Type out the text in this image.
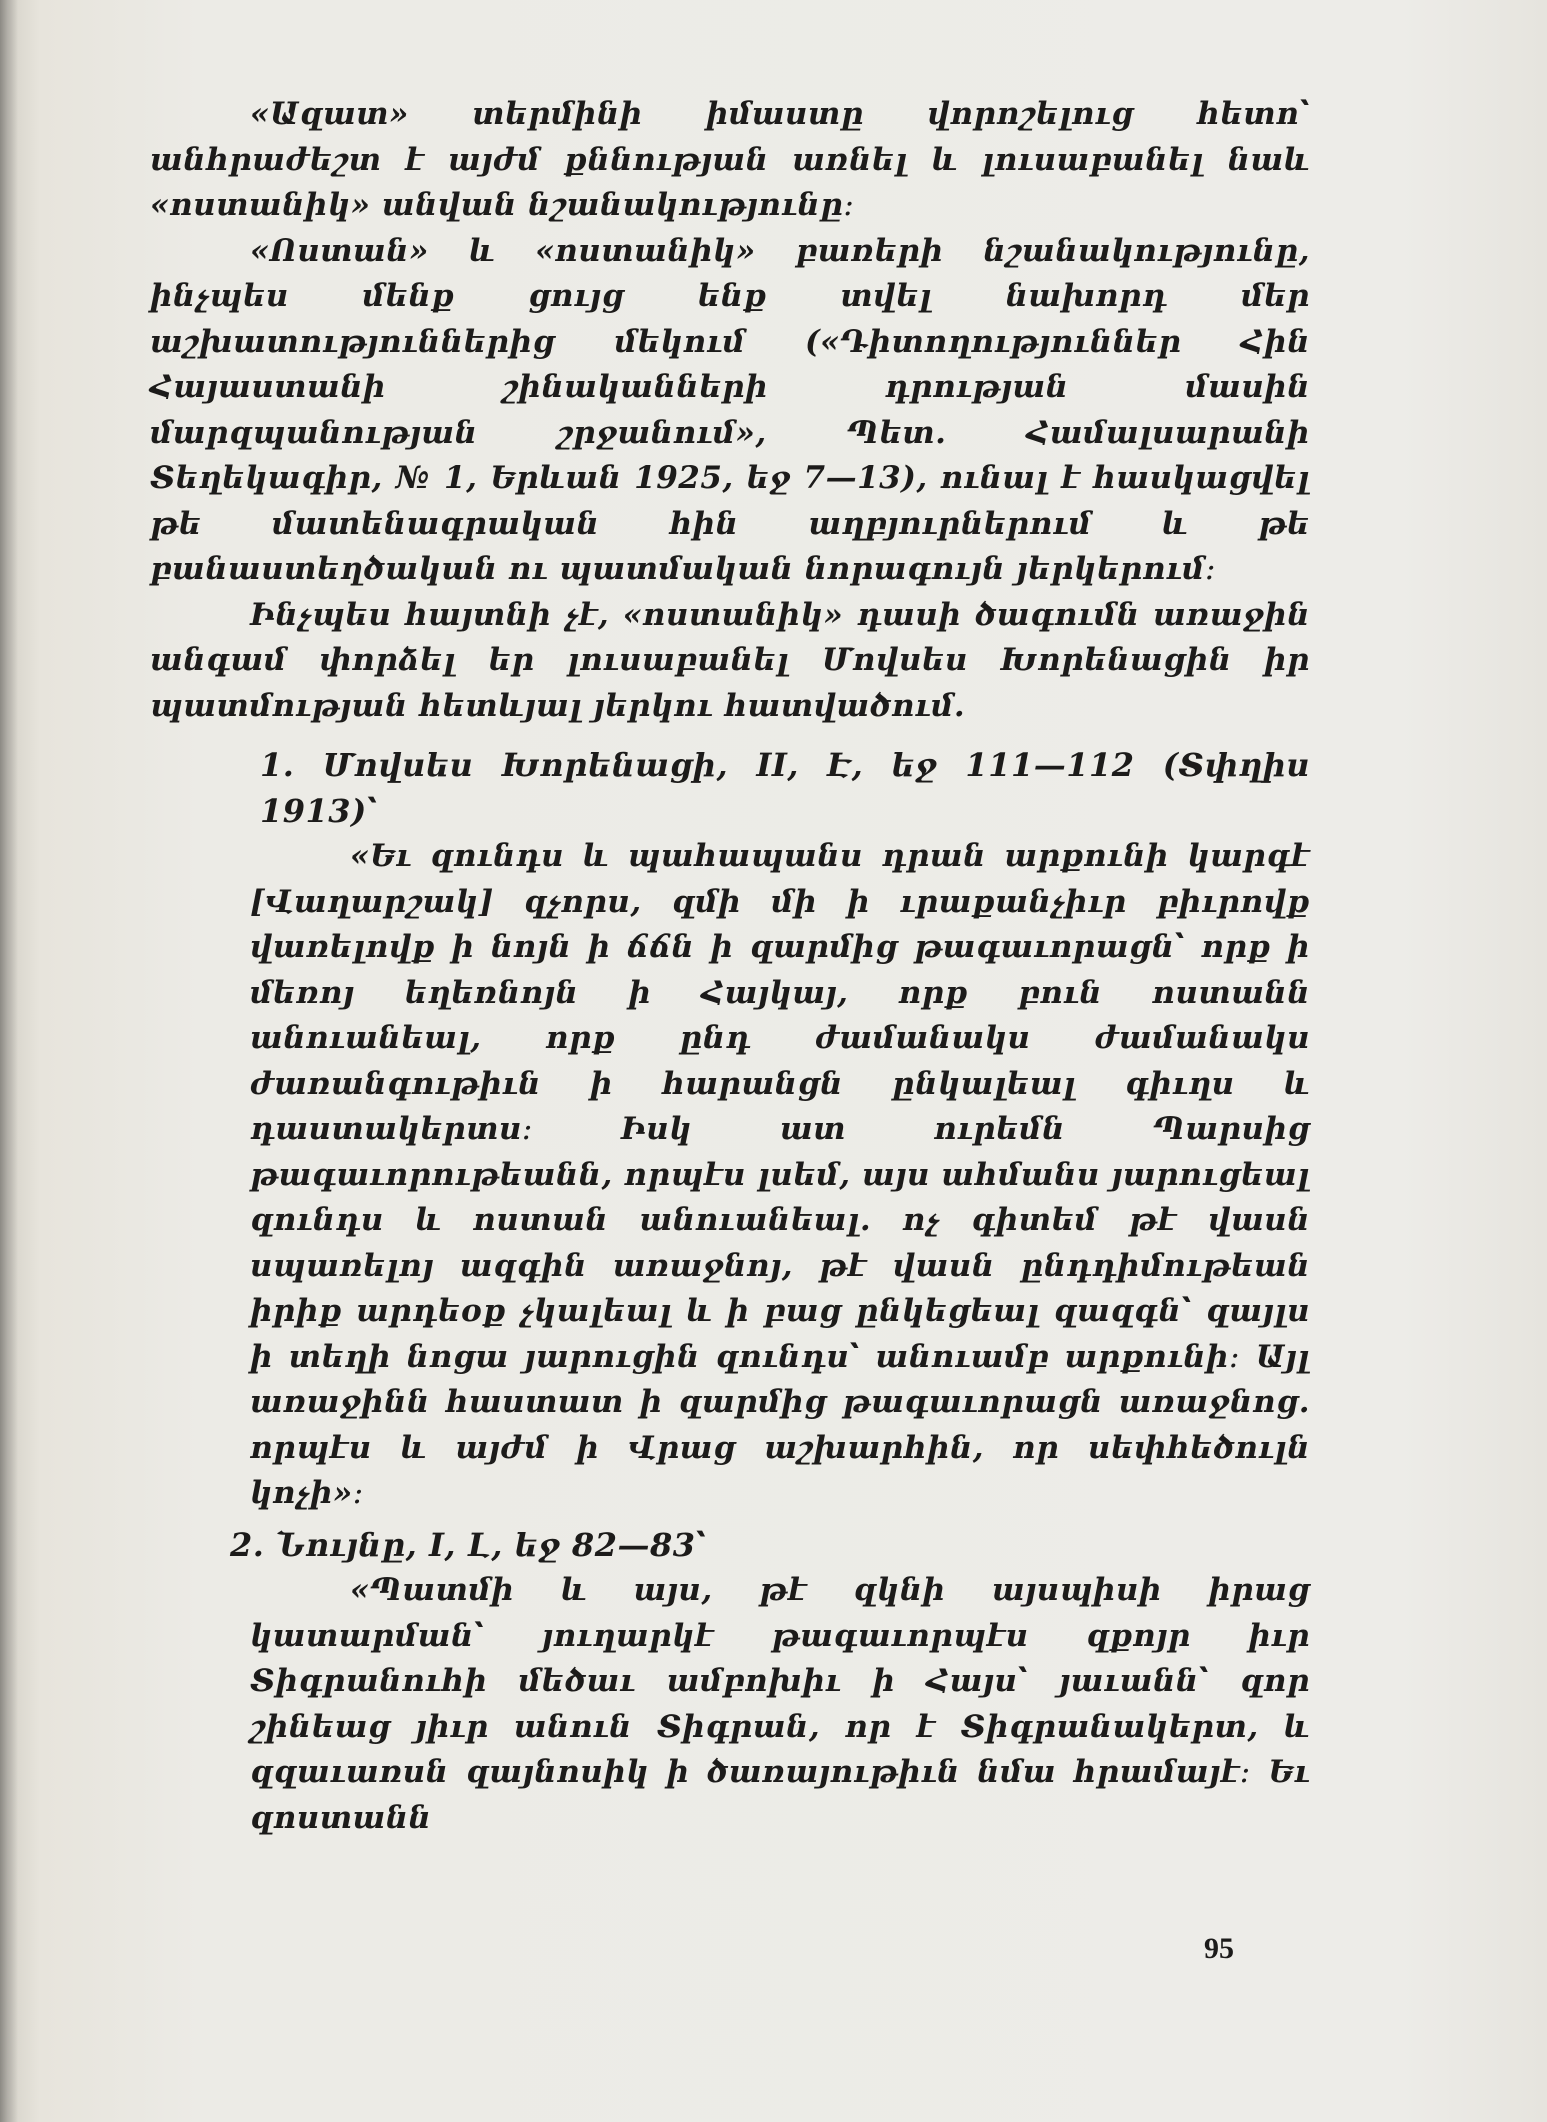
«Ազատ» տերմինի իմաստը վորոշելուց հետո՝ անհրաժեշտ է այժմ քննության առնել և լուսաբանել նաև «ոստանիկ» անվան նշանակությունը։

«Ոստան» և «ոստանիկ» բառերի նշանակությունը, ինչպես մենք ցույց ենք տվել նախորդ մեր աշխատություններից մեկում («Դիտողություններ Հին Հայաստանի շինականների դրության մասին մարզպանության շրջանում», Պետ. Համալսարանի Տեղեկագիր, № 1, Երևան 1925, եջ 7—13), ունալ է հասկացվել թե մատենագրական հին աղբյուրներում և թե բանաստեղծական ու պատմական նորագույն յերկերում։

Ինչպես հայտնի չէ, «ոստանիկ» դասի ծագումն առաջին անգամ փորձել եր լուսաբանել Մովսես Խորենացին իր պատմության հետևյալ յերկու հատվածում.

1. Մովսես Խորենացի, II, Է, եջ 111—112 (Տփղիս 1913)՝

«Եւ զունդս և պահապանս դրան արքունի կարգէ [Վաղարշակ] զչորս, զմի մի ի ւրաքանչիւր բիւրովք վառելովք ի նոյն ի ճճն ի զարմից թագաւորացն՝ որք ի մեռոյ եղեռնոյն ի Հայկայ, որք բուն ոստանն անուանեալ, որք ընդ ժամանակս ժամանակս ժառանգութիւն ի հարանցն ընկալեալ գիւղս և դաստակերտս։ Իսկ ատ ուրեմն Պարսից թագաւորութեանն, որպէս լսեմ, այս ահմանս յարուցեալ զունդս և ոստան անուանեալ. ոչ գիտեմ թէ վասն սպառելոյ ազգին առաջնոյ, թէ վասն ընդդիմութեան իրիք արդեօք չկալեալ և ի բաց ընկեցեալ զազգն՝ զայլս ի տեղի նոցա յարուցին զունդս՝ անուամբ արքունի։ Այլ առաջինն հաստատ ի զարմից թագաւորացն առաջնոց. որպէս և այժմ ի Վրաց աշխարհին, որ սեփհեծուլն կոչի»։

2. Նույնը, I, Լ, եջ 82—83՝

«Պատմի և այս, թէ զկնի այսպիսի իրաց կատարման՝ յուղարկէ թագաւորպէս զքոյր իւր Տիգրանուհի մեծաւ ամբոխիւ ի Հայս՝ յաւանն՝ զոր շինեաց յիւր անուն Տիգրան, որ է Տիգրանակերտ, և զզաւառսն զայնոսիկ ի ծառայութիւն նմա հրամայէ։ Եւ զոստանն

95
